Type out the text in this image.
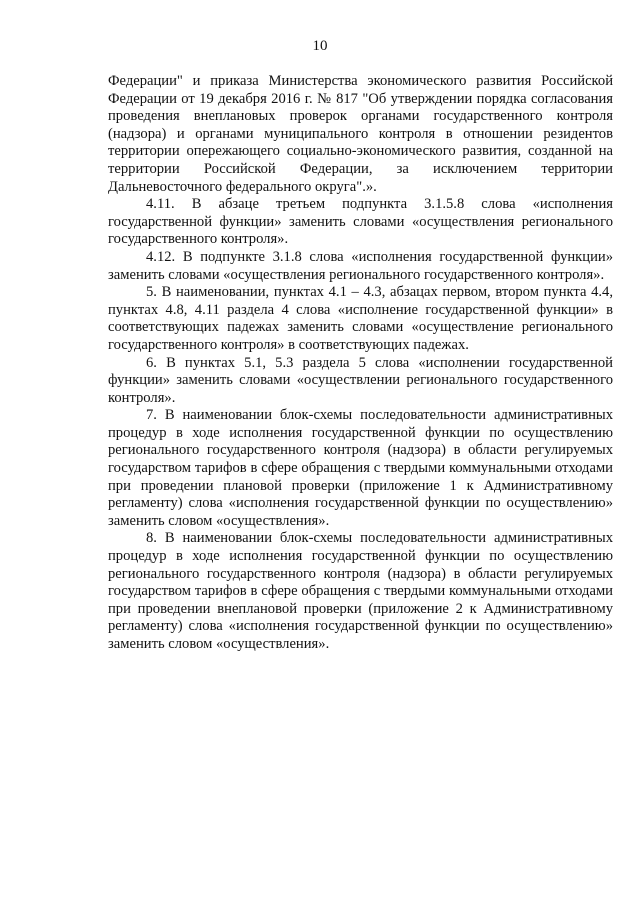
10

Федерации" и приказа Министерства экономического развития Российской Федерации от 19 декабря 2016 г. № 817 "Об утверждении порядка согласования проведения внеплановых проверок органами государственного контроля (надзора) и органами муниципального контроля в отношении резидентов территории опережающего социально-экономического развития, созданной на территории Российской Федерации, за исключением территории Дальневосточного федерального округа".».

4.11. В абзаце третьем подпункта 3.1.5.8 слова «исполнения государственной функции» заменить словами «осуществления регионального государственного контроля».

4.12. В подпункте 3.1.8 слова «исполнения государственной функции» заменить словами «осуществления регионального государственного контроля».

5. В наименовании, пунктах 4.1 – 4.3, абзацах первом, втором пункта 4.4, пунктах 4.8, 4.11 раздела 4 слова «исполнение государственной функции» в соответствующих падежах заменить словами «осуществление регионального государственного контроля» в соответствующих падежах.

6. В пунктах 5.1, 5.3 раздела 5 слова «исполнении государственной функции» заменить словами «осуществлении регионального государственного контроля».

7. В наименовании блок-схемы последовательности административных процедур в ходе исполнения государственной функции по осуществлению регионального государственного контроля (надзора) в области регулируемых государством тарифов в сфере обращения с твердыми коммунальными отходами при проведении плановой проверки (приложение 1 к Административному регламенту) слова «исполнения государственной функции по осуществлению» заменить словом «осуществления».

8. В наименовании блок-схемы последовательности административных процедур в ходе исполнения государственной функции по осуществлению регионального государственного контроля (надзора) в области регулируемых государством тарифов в сфере обращения с твердыми коммунальными отходами при проведении внеплановой проверки (приложение 2 к Административному регламенту) слова «исполнения государственной функции по осуществлению» заменить словом «осуществления».
